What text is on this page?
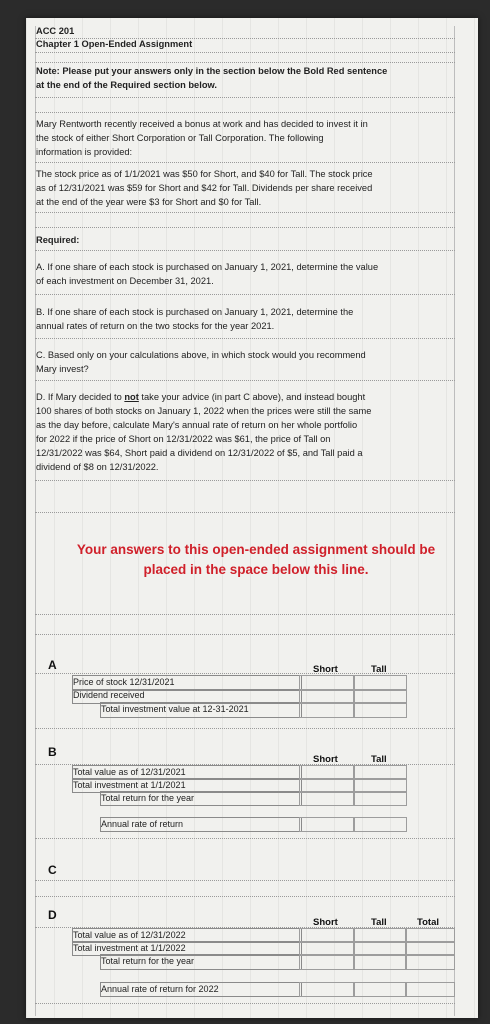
ACC 201
Chapter 1 Open-Ended Assignment
Note: Please put your answers only in the section below the Bold Red sentence
at the end of the Required section below.
Mary Rentworth recently received a bonus at work and has decided to invest it in
the stock of either Short Corporation or Tall Corporation. The following
information is provided:
The stock price as of 1/1/2021 was $50 for Short, and $40 for Tall. The stock price
as of 12/31/2021 was $59 for Short and $42 for Tall. Dividends per share received
at the end of the year were $3 for Short and $0 for Tall.
Required:
A. If one share of each stock is purchased on January 1, 2021, determine the value
of each investment on December 31, 2021.
B. If one share of each stock is purchased on January 1, 2021, determine the
annual rates of return on the two stocks for the year 2021.
C. Based only on your calculations above, in which stock would you recommend
Mary invest?
D. If Mary decided to not take your advice (in part C above), and instead bought
100 shares of both stocks on January 1, 2022 when the prices were still the same
as the day before, calculate Mary's annual rate of return on her whole portfolio
for 2022 if the price of Short on 12/31/2022 was $61, the price of Tall on
12/31/2022 was $64, Short paid a dividend on 12/31/2022 of $5, and Tall paid a
dividend of $8 on 12/31/2022.
Your answers to this open-ended assignment should be
placed in the space below this line.
A	Short	Tall
Price of stock 12/31/2021
Dividend received
Total investment value at 12-31-2021
B
Short	Tall
Total value as of 12/31/2021
Total investment at 1/1/2021
Total return for the year
Annual rate of return
C
D
Short	Tall	Total
Total value as of 12/31/2022
Total investment at 1/1/2022
Total return for the year
Annual rate of return for 2022
